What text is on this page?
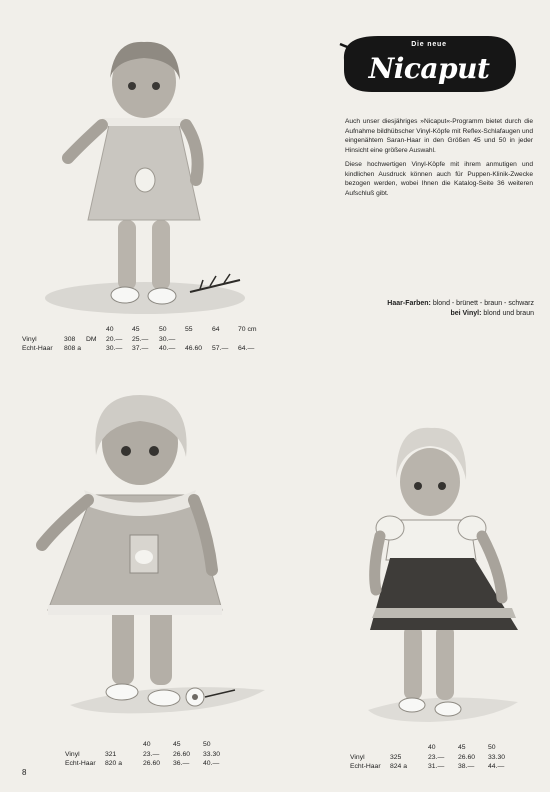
Die neue
Nicaput

Auch unser diesjähriges »Nicaput«-Programm bietet durch die Aufnahme bildhübscher Vinyl-Köpfe mit Reflex-Schlafaugen und eingenähtem Saran-Haar in den Größen 45 und 50 in jeder Hinsicht eine größere Auswahl.

Diese hochwertigen Vinyl-Köpfe mit ihrem anmutigen und kindlichen Ausdruck können auch für Puppen-Klinik-Zwecke bezogen werden, wobei Ihnen die Katalog-Seite 36 weiteren Aufschluß gibt.

Haar-Farben: blond - brünett - braun - schwarz
bei Vinyl: blond und braun
			40	45	50	55	64	70 cm
Vinyl	308	DM	20.—	25.—	30.—			
Echt-Haar	808 a		30.—	37.—	40.—	46.60	57.—	64.—
		40	45	50
Vinyl	321	23.—	26.60	33.30
Echt-Haar	820 a	26.60	36.—	40.—
		40	45	50
Vinyl	325	23.—	26.60	33.30
Echt-Haar	824 a	31.—	38.—	44.—
8
